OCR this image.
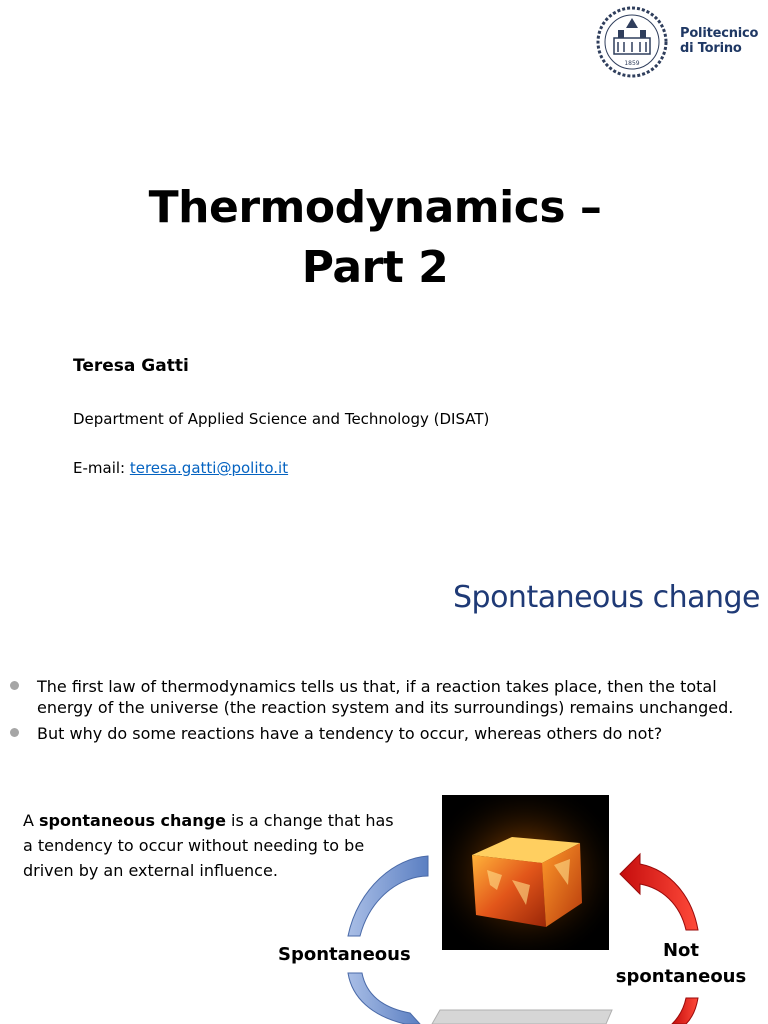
1859
Politecnico
di Torino
Thermodynamics –
Part 2
Teresa Gatti
Department of Applied Science and Technology (DISAT)
E-mail: teresa.gatti@polito.it
Spontaneous change
The first law of thermodynamics tells us that, if a reaction takes place, then the total energy of the universe (the reaction system and its surroundings) remains unchanged.
But why do some reactions have a tendency to occur, whereas others do not?
A spontaneous change is a change that has a tendency to occur without needing to be driven by an external influence.
Spontaneous	Not
spontaneous
